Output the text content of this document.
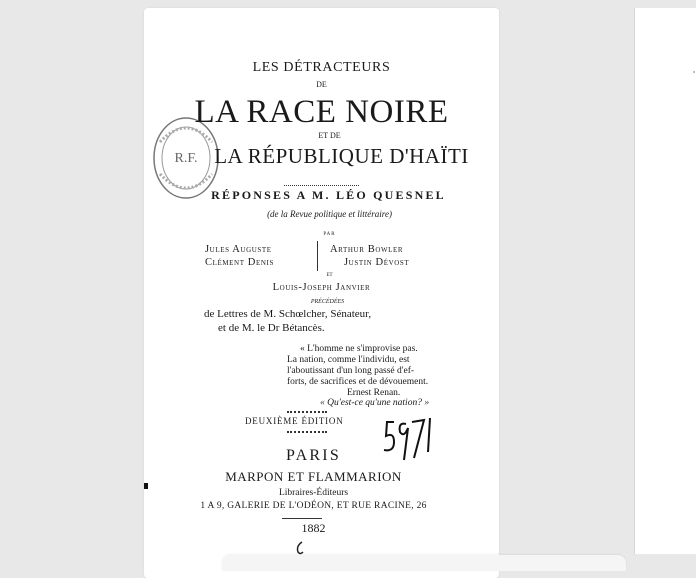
R.F.
LES DÉTRACTEURS
DE
LA RACE NOIRE
ET DE
LA RÉPUBLIQUE D'HAÏTI
RÉPONSES A M. LÉO QUESNEL
(de la Revue politique et littéraire)
PAR
Jules Auguste	Arthur Bowler
Clément Denis	Justin Dévost
ET
Louis-Joseph Janvier
PRÉCÉDÉES
de Lettres de M. Schœlcher, Sénateur,
et de M. le Dr Bétancès.
« L'homme ne s'improvise pas.
La nation, comme l'individu, est
l'aboutissant d'un long passé d'ef-
forts, de sacrifices et de dévouement.
Ernest Renan.
« Qu'est-ce qu'une nation? »
DEUXIÈME ÉDITION
PARIS
MARPON ET FLAMMARION
Libraires-Éditeurs
1 A 9, GALERIE DE L'ODÉON, ET RUE RACINE, 26
1882
